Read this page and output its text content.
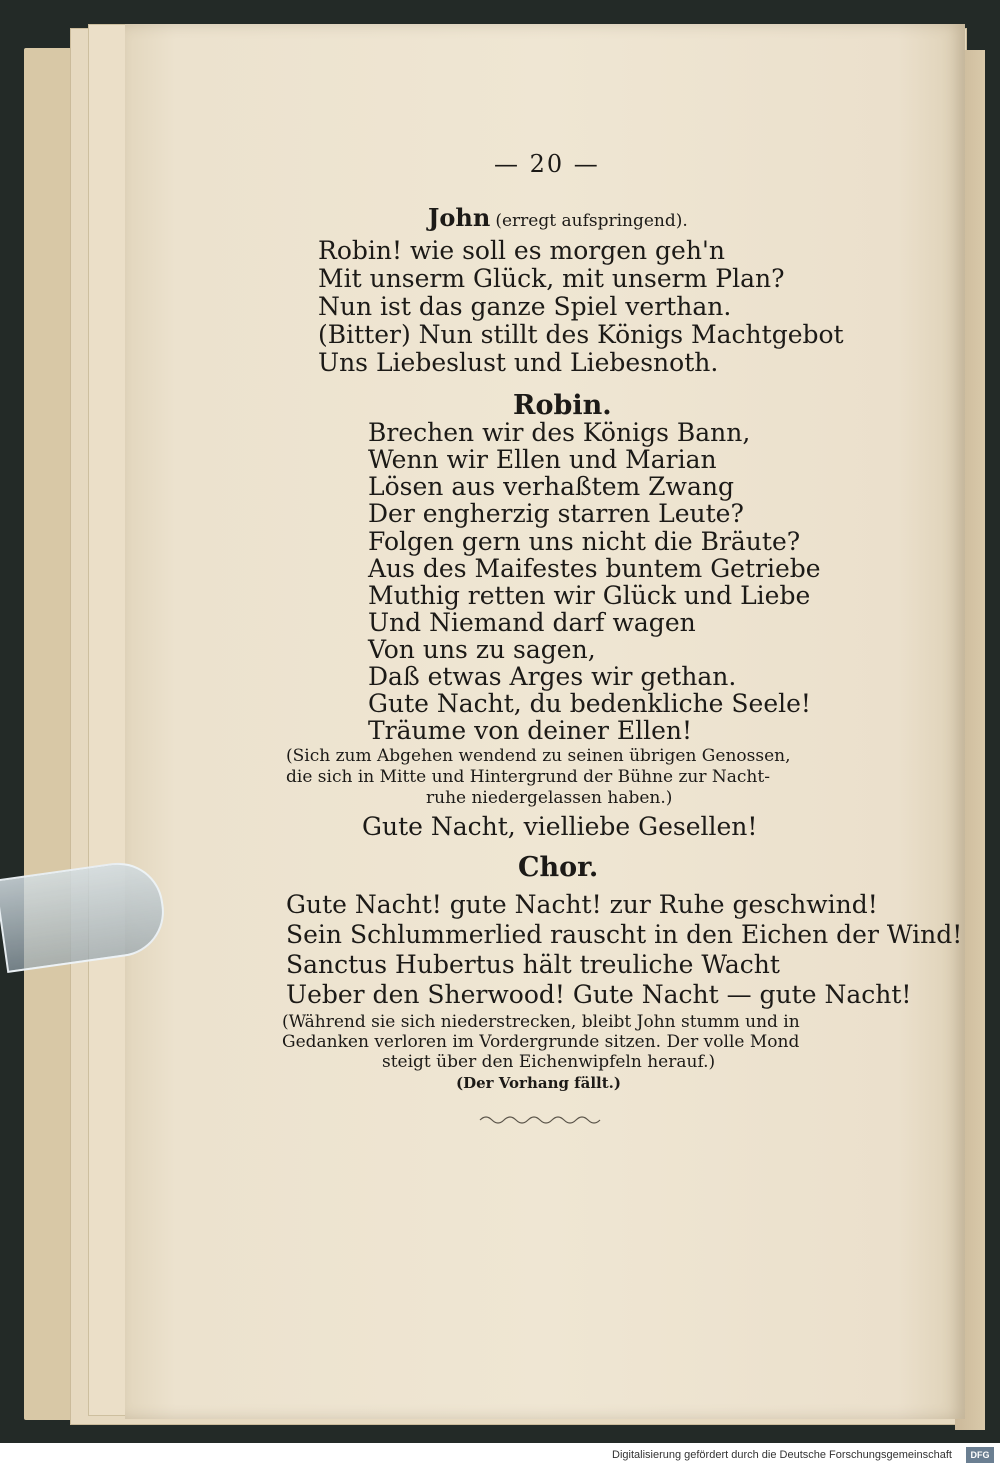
— 20 —
John (erregt aufspringend).
Robin! wie soll es morgen geh'n
Mit unserm Glück, mit unserm Plan?
Nun ist das ganze Spiel verthan.
(Bitter) Nun stillt des Königs Machtgebot
Uns Liebeslust und Liebesnoth.
Robin.
Brechen wir des Königs Bann,
Wenn wir Ellen und Marian
Lösen aus verhaßtem Zwang
Der engherzig starren Leute?
Folgen gern uns nicht die Bräute?
Aus des Maifestes buntem Getriebe
Muthig retten wir Glück und Liebe
Und Niemand darf wagen
Von uns zu sagen,
Daß etwas Arges wir gethan.
Gute Nacht, du bedenkliche Seele!
Träume von deiner Ellen!
(Sich zum Abgehen wendend zu seinen übrigen Genossen,
die sich in Mitte und Hintergrund der Bühne zur Nacht-
ruhe niedergelassen haben.)
Gute Nacht, vielliebe Gesellen!
Chor.
Gute Nacht! gute Nacht! zur Ruhe geschwind!
Sein Schlummerlied rauscht in den Eichen der Wind!
Sanctus Hubertus hält treuliche Wacht
Ueber den Sherwood! Gute Nacht — gute Nacht!
(Während sie sich niederstrecken, bleibt John stumm und in
Gedanken verloren im Vordergrunde sitzen. Der volle Mond
steigt über den Eichenwipfeln herauf.)
(Der Vorhang fällt.)
Digitalisierung gefördert durch die Deutsche Forschungsgemeinschaft	DFG
